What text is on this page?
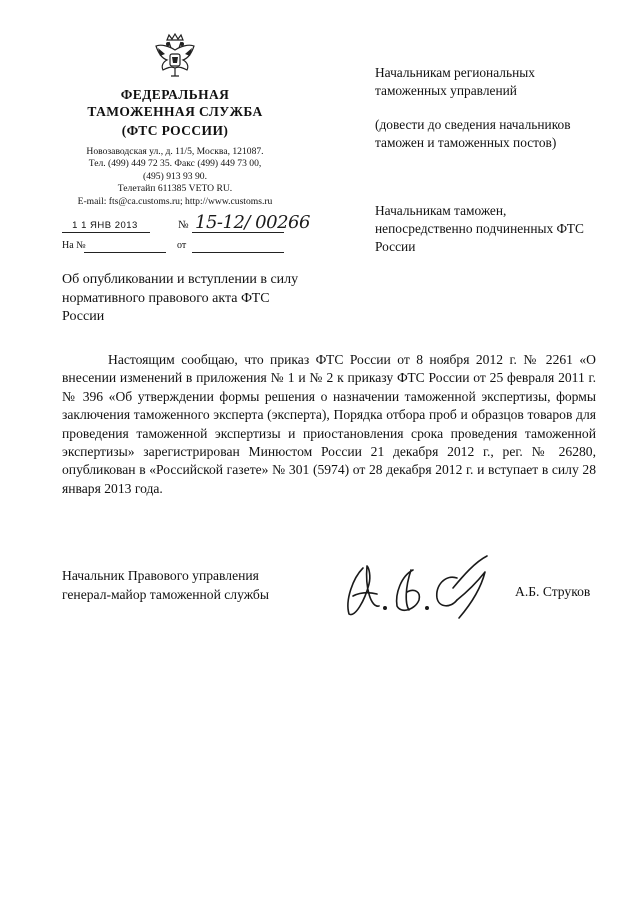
ФЕДЕРАЛЬНАЯ
ТАМОЖЕННАЯ СЛУЖБА
(ФТС РОССИИ)
Новозаводская ул., д. 11/5, Москва, 121087.
Тел. (499) 449 72 35. Факс (499) 449 73 00,
(495) 913 93 90.
Телетайп 611385 VETO RU.
E-mail: fts@ca.customs.ru; http://www.customs.ru
1 1 ЯНВ 2013	№ 15-12/ 00266
На №	от
Об опубликовании и вступлении в силу нормативного правового акта ФТС России
Начальникам региональных таможенных управлений
(довести до сведения начальников таможен и таможенных постов)
Начальникам таможен, непосредственно подчиненных ФТС России
Настоящим сообщаю, что приказ ФТС России от 8 ноября 2012 г. № 2261 «О внесении изменений в приложения № 1 и № 2 к приказу ФТС России от 25 февраля 2011 г. № 396 «Об утверждении формы решения о назначении таможенной экспертизы, формы заключения таможенного эксперта (эксперта), Порядка отбора проб и образцов товаров для проведения таможенной экспертизы и приостановления срока проведения таможенной экспертизы» зарегистрирован Минюстом России 21 декабря 2012 г., рег. № 26280, опубликован в «Российской газете» № 301 (5974) от 28 декабря 2012 г. и вступает в силу 28 января 2013 года.
Начальник Правового управления
генерал-майор таможенной службы	А.Б. Струков
